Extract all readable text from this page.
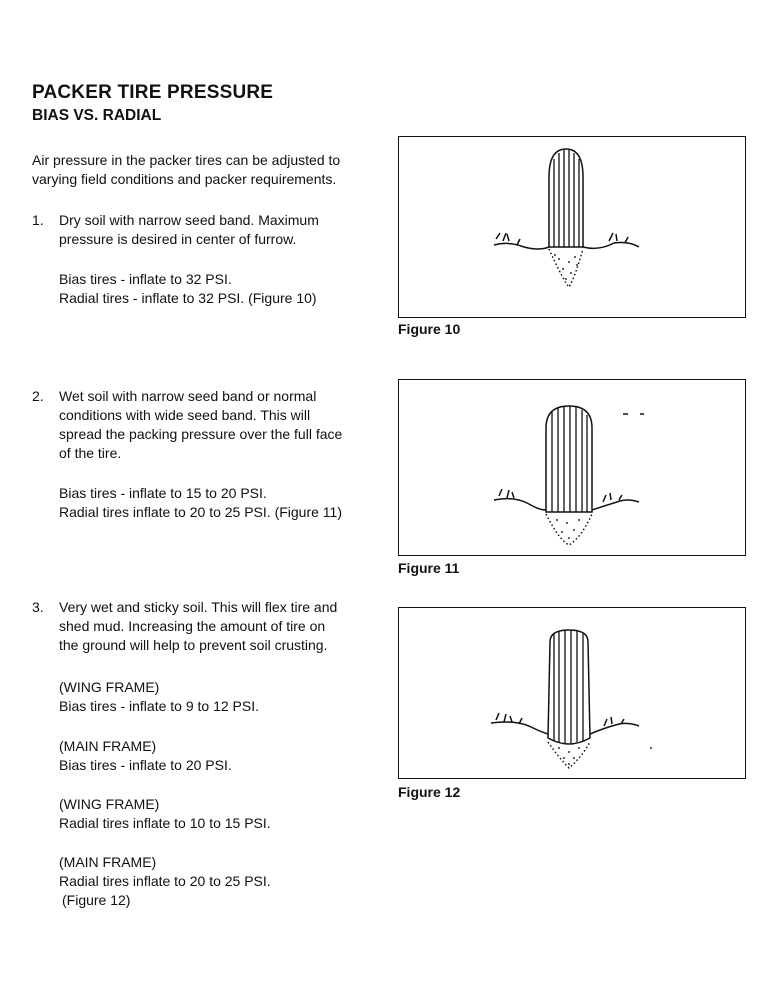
PACKER TIRE PRESSURE
BIAS VS. RADIAL
Air pressure in the packer tires can be adjusted to
varying field conditions and packer requirements.
1. Dry soil with narrow seed band. Maximum
pressure is desired in center of furrow.
Bias tires - inflate to 32 PSI.
Radial tires - inflate to 32 PSI. (Figure 10)
2. Wet soil with narrow seed band or normal
conditions with wide seed band. This will
spread the packing pressure over the full face
of the tire.
Bias tires - inflate to 15 to 20 PSI.
Radial tires inflate to 20 to 25 PSI. (Figure 11)
3. Very wet and sticky soil. This will flex tire and
shed mud. Increasing the amount of tire on
the ground will help to prevent soil crusting.
(WING FRAME)
Bias tires - inflate to 9 to 12 PSI.
(MAIN FRAME)
Bias tires - inflate to 20 PSI.
(WING FRAME)
Radial tires inflate to 10 to 15 PSI.
(MAIN FRAME)
Radial tires inflate to 20 to 25 PSI.
(Figure 12)
Figure 10
Figure 11
Figure 12
